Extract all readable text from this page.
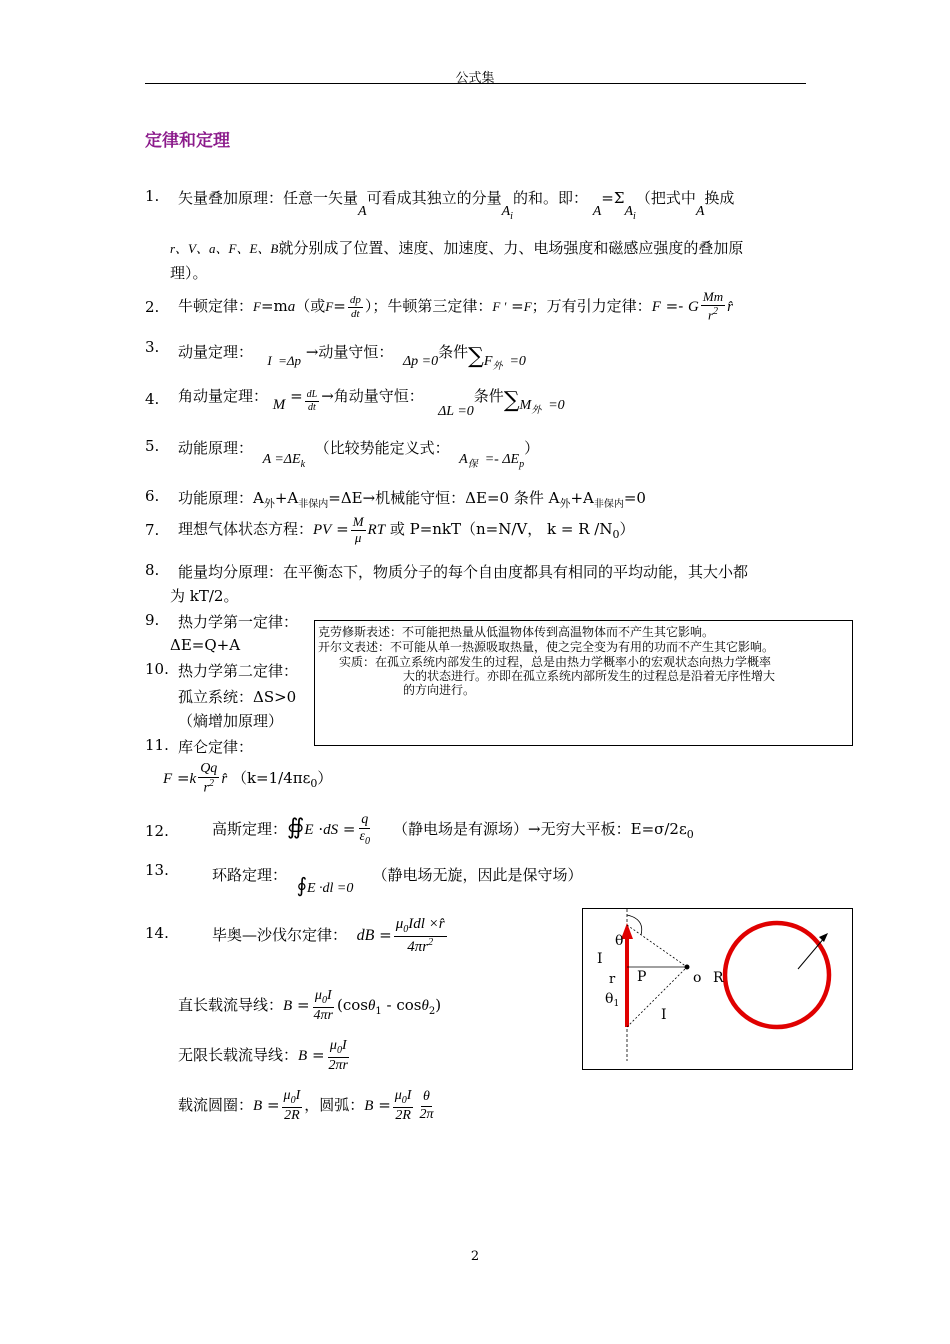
公式集
定律和定理
1. 矢量叠加原理：任意一矢量A可看成其独立的分量$A_i$的和。即： $A=\Sigma A_i$（把式中A换成
r、V、a、F、E、B就分别成了位置、速度、加速度、力、电场强度和磁感应强度的叠加原
理）。
2. 牛顿定律：F=ma（或$F= \frac{dp}{dt}$ ）；牛顿第三定律：F ′ =F；万有引力定律：F =- G $\frac{Mm}{r^2}$ r̂
3. 动量定理： I  =Δp →动量守恒：  Δp =0条件$\sum F_外 =0$
4. 角动量定理： $M = \frac{dL}{dt}$ →角动量守恒：   ΔL =0条件$\sum M_外 =0$
5. 动能原理：  $A =\Delta E_k$  （比较势能定义式：  $A_保 =- \Delta E_p$）
6. 功能原理：$A_外+A_{非保内}=\Delta E\to$机械能守恒：ΔE=0 条件 $A_外+A_{非保内}=0$
7. 理想气体状态方程：PV = $\frac{M}{\mu}$ RT 或 P=nkT（n=N/V， k = R $/N_0$）
8. 能量均分原理：在平衡态下，物质分子的每个自由度都具有相同的平均动能，其大小都
为 kT/2。
9. 热力学第一定律：
ΔE=Q+A
10. 热力学第二定律：
孤立系统：ΔS>0
（熵增加原理）
克劳修斯表述：不可能把热量从低温物体传到高温物体而不产生其它影响。
开尔文表述：不可能从单一热源吸取热量，使之完全变为有用的功而不产生其它影响。
实质：在孤立系统内部发生的过程，总是由热力学概率小的宏观状态向热力学概率
大的状态进行。亦即在孤立系统内部所发生的过程总是沿着无序性增大
的方向进行。
11. 库仑定律：
$F =k \frac{Qq}{r^2}$ r̂ $(k=1/4\pi\varepsilon_0)$
12.	高斯定理：∯E $\cdot dS = \frac{q}{\varepsilon_0}$ （静电场是有源场）→无穷大平板：$E=\sigma/2\varepsilon_0$
13.	环路定理： ∮E ·dl =0    （静电场无旋，因此是保守场）
14.	毕奥—沙伐尔定律： dB = $\frac{\mu_0Idl \times r̂}{4\pi r^2}$
直长载流导线：$B = \frac{\mu_0I}{4\pi r} (\cos\theta_1 - \cos\theta_2)$
无限长载流导线：$B = \frac{\mu_0I}{2\pi r}$
载流圆圈：$B = \frac{\mu_0I}{2R}$ ，圆弧：$B = \frac{\mu_0I}{2R} \frac{\theta}{2\pi}$
θ
I
r P
$\theta_1$
I
o R
2
